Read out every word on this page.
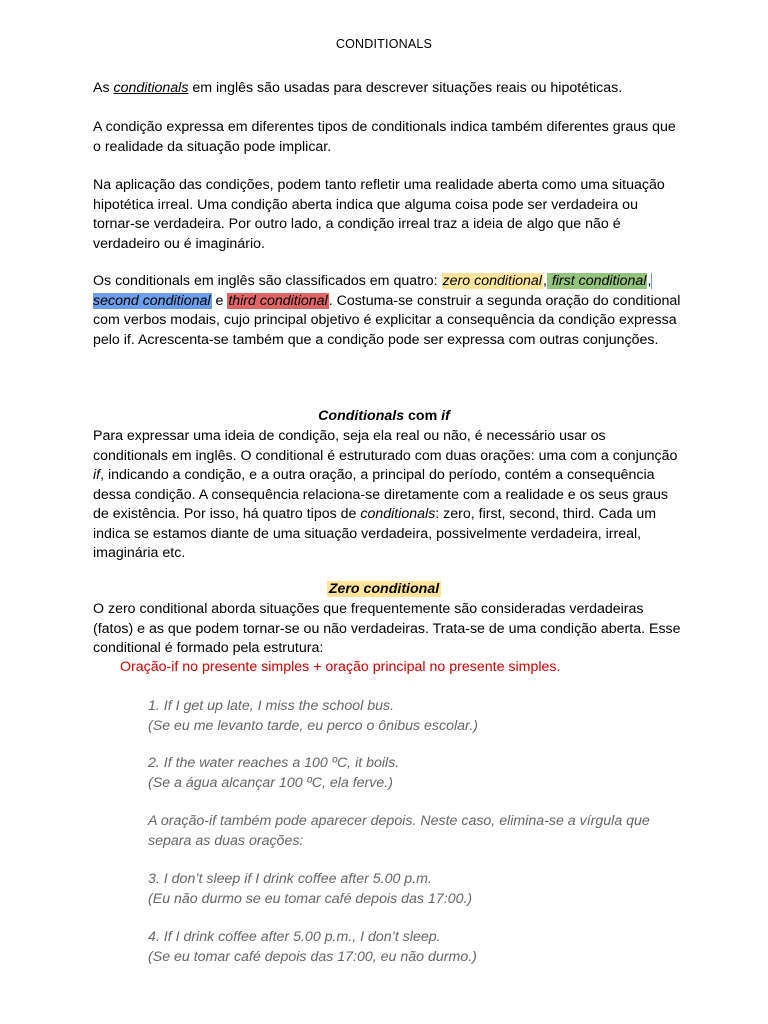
CONDITIONALS

As conditionals em inglês são usadas para descrever situações reais ou hipotéticas.

A condição expressa em diferentes tipos de conditionals indica também diferentes graus que o realidade da situação pode implicar.

Na aplicação das condições, podem tanto refletir uma realidade aberta como uma situação hipotética irreal. Uma condição aberta indica que alguma coisa pode ser verdadeira ou tornar-se verdadeira. Por outro lado, a condição irreal traz a ideia de algo que não é verdadeiro ou é imaginário.

Os conditionals em inglês são classificados em quatro: zero conditional, first conditional, second conditional e third conditional. Costuma-se construir a segunda oração do conditional com verbos modais, cujo principal objetivo é explicitar a consequência da condição expressa pelo if. Acrescenta-se também que a condição pode ser expressa com outras conjunções.

Conditionals com if

Para expressar uma ideia de condição, seja ela real ou não, é necessário usar os conditionals em inglês. O conditional é estruturado com duas orações: uma com a conjunção if, indicando a condição, e a outra oração, a principal do período, contém a consequência dessa condição. A consequência relaciona-se diretamente com a realidade e os seus graus de existência. Por isso, há quatro tipos de conditionals: zero, first, second, third. Cada um indica se estamos diante de uma situação verdadeira, possivelmente verdadeira, irreal, imaginária etc.

Zero conditional

O zero conditional aborda situações que frequentemente são consideradas verdadeiras (fatos) e as que podem tornar-se ou não verdadeiras. Trata-se de uma condição aberta. Esse conditional é formado pela estrutura:

Oração-if no presente simples + oração principal no presente simples.

1. If I get up late, I miss the school bus.
(Se eu me levanto tarde, eu perco o ônibus escolar.)

2. If the water reaches a 100 ºC, it boils.
(Se a água alcançar 100 ºC, ela ferve.)

A oração-if também pode aparecer depois. Neste caso, elimina-se a vírgula que separa as duas orações:

3. I don’t sleep if I drink coffee after 5.00 p.m.
(Eu não durmo se eu tomar café depois das 17:00.)

4. If I drink coffee after 5.00 p.m., I don’t sleep.
(Se eu tomar café depois das 17:00, eu não durmo.)
